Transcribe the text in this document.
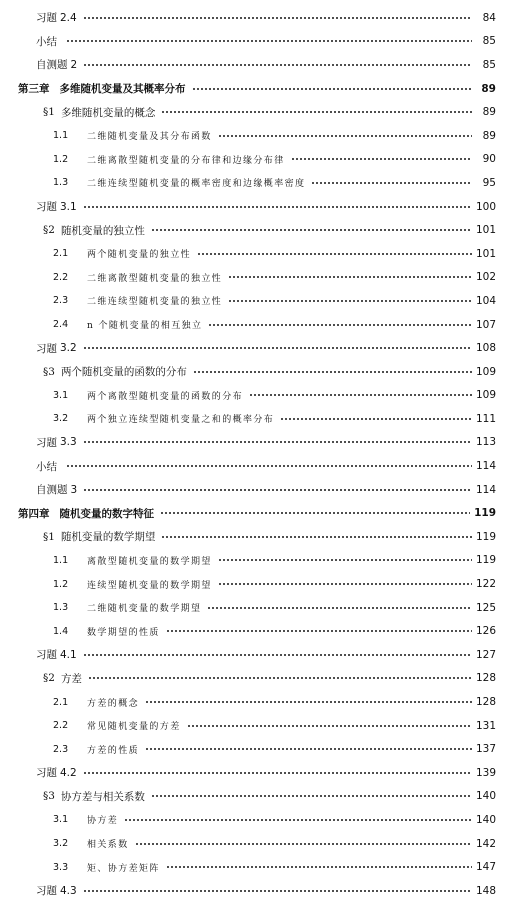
习题 2.4	84
小结	85
自测题 2	85
第三章 多维随机变量及其概率分布	89
§1 多维随机变量的概念	89
1.1	二维随机变量及其分布函数	89
1.2	二维离散型随机变量的分布律和边缘分布律	90
1.3	二维连续型随机变量的概率密度和边缘概率密度	95
习题 3.1	100
§2 随机变量的独立性	101
2.1	两个随机变量的独立性	101
2.2	二维离散型随机变量的独立性	102
2.3	二维连续型随机变量的独立性	104
2.4	n 个随机变量的相互独立	107
习题 3.2	108
§3 两个随机变量的函数的分布	109
3.1	两个离散型随机变量的函数的分布	109
3.2	两个独立连续型随机变量之和的概率分布	111
习题 3.3	113
小结	114
自测题 3	114
第四章 随机变量的数字特征	119
§1 随机变量的数学期望	119
1.1	离散型随机变量的数学期望	119
1.2	连续型随机变量的数学期望	122
1.3	二维随机变量的数学期望	125
1.4	数学期望的性质	126
习题 4.1	127
§2 方差	128
2.1	方差的概念	128
2.2	常见随机变量的方差	131
2.3	方差的性质	137
习题 4.2	139
§3 协方差与相关系数	140
3.1	协方差	140
3.2	相关系数	142
3.3	矩、协方差矩阵	147
习题 4.3	148
